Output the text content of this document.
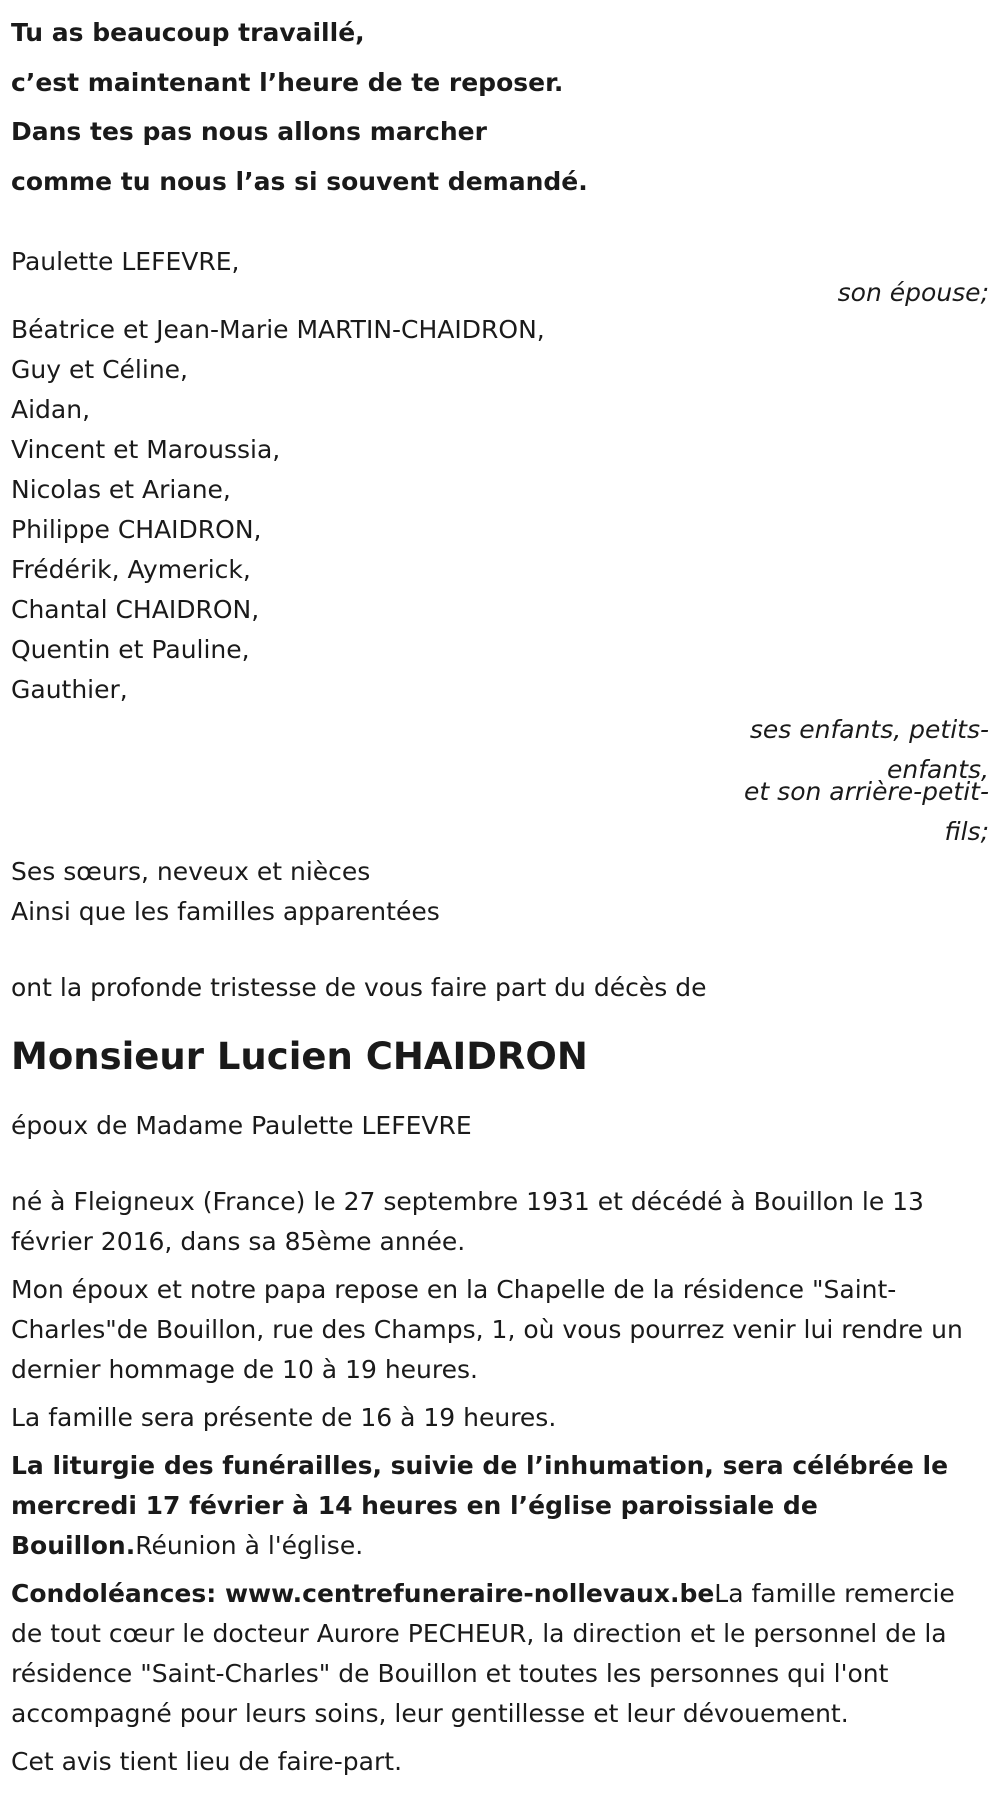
Tu as beaucoup travaillé,
c’est maintenant l’heure de te reposer.
Dans tes pas nous allons marcher
comme tu nous l’as si souvent demandé.
Paulette LEFEVRE,
son épouse;
Béatrice et Jean-Marie MARTIN-CHAIDRON,
Guy et Céline,
Aidan,
Vincent et Maroussia,
Nicolas et Ariane,
Philippe CHAIDRON,
Frédérik, Aymerick,
Chantal CHAIDRON,
Quentin et Pauline,
Gauthier,
ses enfants, petits-enfants,
et son arrière-petit-fils;
Ses sœurs, neveux et nièces
Ainsi que les familles apparentées
ont la profonde tristesse de vous faire part du décès de
Monsieur Lucien CHAIDRON
époux de Madame Paulette LEFEVRE

né à Fleigneux (France) le 27 septembre 1931 et décédé à Bouillon le 13 février 2016, dans sa 85ème année.

Mon époux et notre papa repose en la Chapelle de la résidence "Saint-Charles"de Bouillon, rue des Champs, 1, où vous pourrez venir lui rendre un dernier hommage de 10 à 19 heures.

La famille sera présente de 16 à 19 heures.

La liturgie des funérailles, suivie de l’inhumation, sera célébrée le mercredi 17 février à 14 heures en l’église paroissiale de Bouillon.Réunion à l'église.

Condoléances: www.centrefuneraire-nollevaux.beLa famille remercie de tout cœur le docteur Aurore PECHEUR, la direction et le personnel de la résidence "Saint-Charles" de Bouillon et toutes les personnes qui l'ont accompagné pour leurs soins, leur gentillesse et leur dévouement.

Cet avis tient lieu de faire-part.
